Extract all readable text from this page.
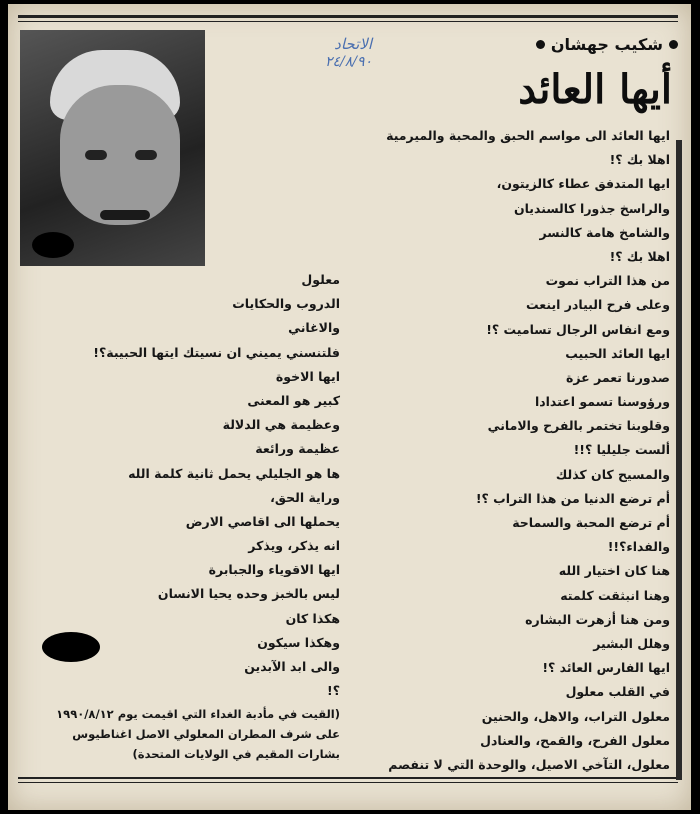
شكيب جهشان
الاتحاد
٢٤/٨/٩٠
أيها العائد
ايها العائد الى مواسم الحبق والمحبة والميرمية
اهلا بك ؟!
ايها المتدفق عطاء كالزيتون،
والراسخ جذورا كالسنديان
والشامخ هامة كالنسر
اهلا بك ؟!
من هذا التراب نموت
وعلى فرح البيادر اينعت
ومع انفاس الرجال تساميت ؟!
ايها العائد الحبيب
صدورنا تعمر عزة
ورؤوسنا تسمو اعتدادا
وقلوبنا تختمر بالفرح والاماني
ألست جليليا ؟!!
والمسيح كان كذلك
أم ترضع الدنيا من هذا التراب ؟!
أم ترضع المحبة والسماحة
والفداء؟!!
هنا كان اختيار الله
وهنا انبثقت كلمته
ومن هنا أزهرت البشاره
وهلل البشير
ايها الفارس العائد ؟!
في القلب معلول
معلول التراب، والاهل، والحنين
معلول الفرح، والقمح، والعنادل
معلول، التآخي الاصيل، والوحدة التي لا تنفصم
معلول
الدروب والحكايات
والاغاني
فلتنسني يميني ان نسيتك ايتها الحبيبة؟!
ايها الاخوة
كبير هو المعنى
وعظيمة هي الدلالة
عظيمة ورائعة
ها هو الجليلي يحمل ثانية كلمة الله
وراية الحق،
يحملها الى اقاصي الارض
انه يذكر، ويذكر
ايها الاقوياء والجبابرة
ليس بالخبز وحده يحيا الانسان
هكذا كان
وهكذا سيكون
والى ابد الآبدين
؟!
(القيت في مأدبة الغداء التي اقيمت يوم ١٩٩٠/٨/١٢ على شرف المطران المعلولي الاصل اغناطيوس بشارات المقيم في الولايات المتحدة)
